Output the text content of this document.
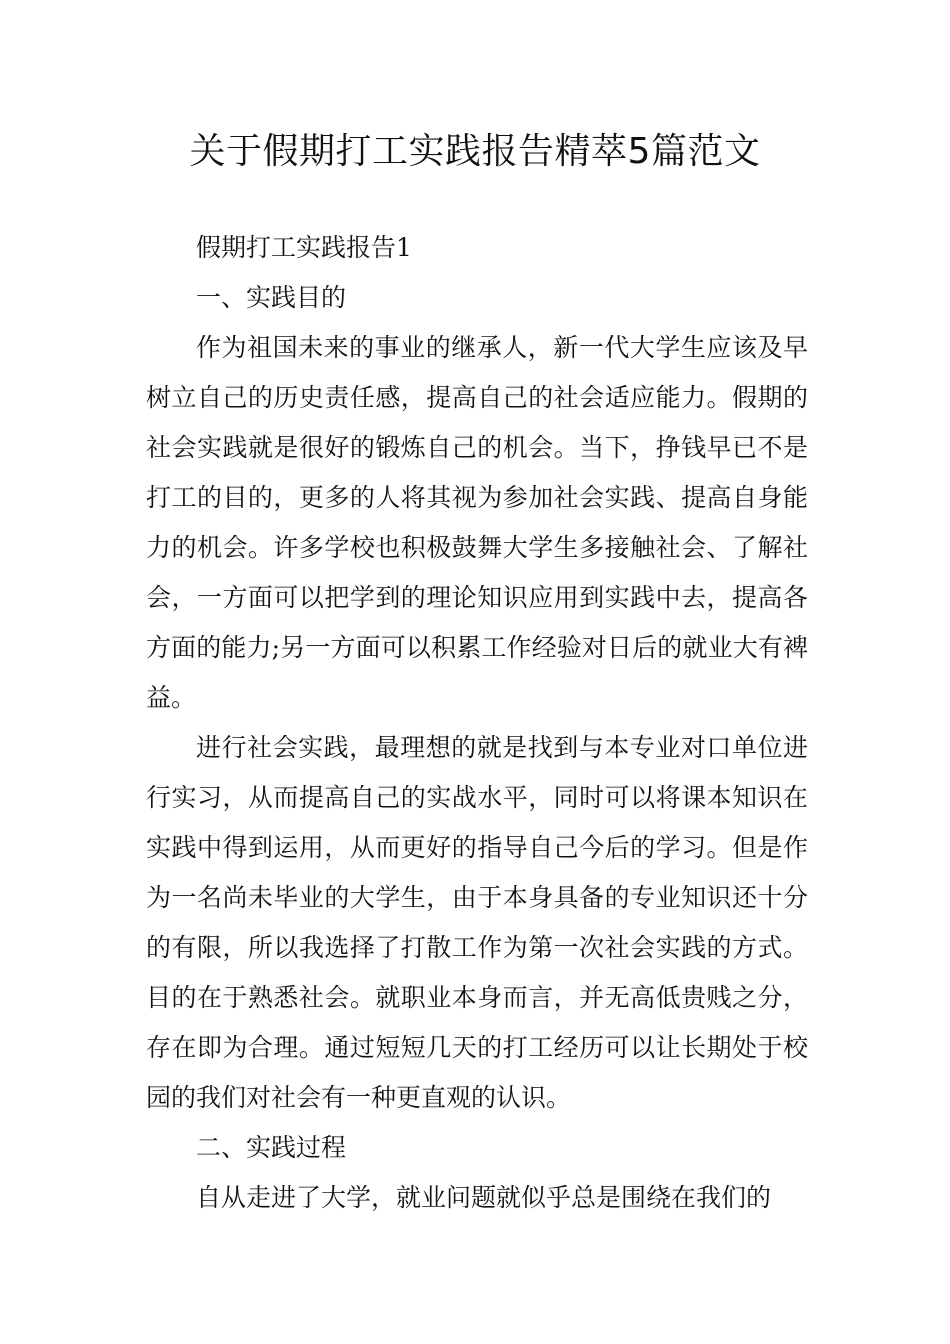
关于假期打工实践报告精萃5篇范文

假期打工实践报告1

一、实践目的

作为祖国未来的事业的继承人，新一代大学生应该及早树立自己的历史责任感，提高自己的社会适应能力。假期的社会实践就是很好的锻炼自己的机会。当下，挣钱早已不是打工的目的，更多的人将其视为参加社会实践、提高自身能力的机会。许多学校也积极鼓舞大学生多接触社会、了解社会，一方面可以把学到的理论知识应用到实践中去，提高各方面的能力;另一方面可以积累工作经验对日后的就业大有裨益。

进行社会实践，最理想的就是找到与本专业对口单位进行实习，从而提高自己的实战水平，同时可以将课本知识在实践中得到运用，从而更好的指导自己今后的学习。但是作为一名尚未毕业的大学生，由于本身具备的专业知识还十分的有限，所以我选择了打散工作为第一次社会实践的方式。目的在于熟悉社会。就职业本身而言，并无高低贵贱之分，存在即为合理。通过短短几天的打工经历可以让长期处于校园的我们对社会有一种更直观的认识。

二、实践过程

自从走进了大学，就业问题就似乎总是围绕在我们的
